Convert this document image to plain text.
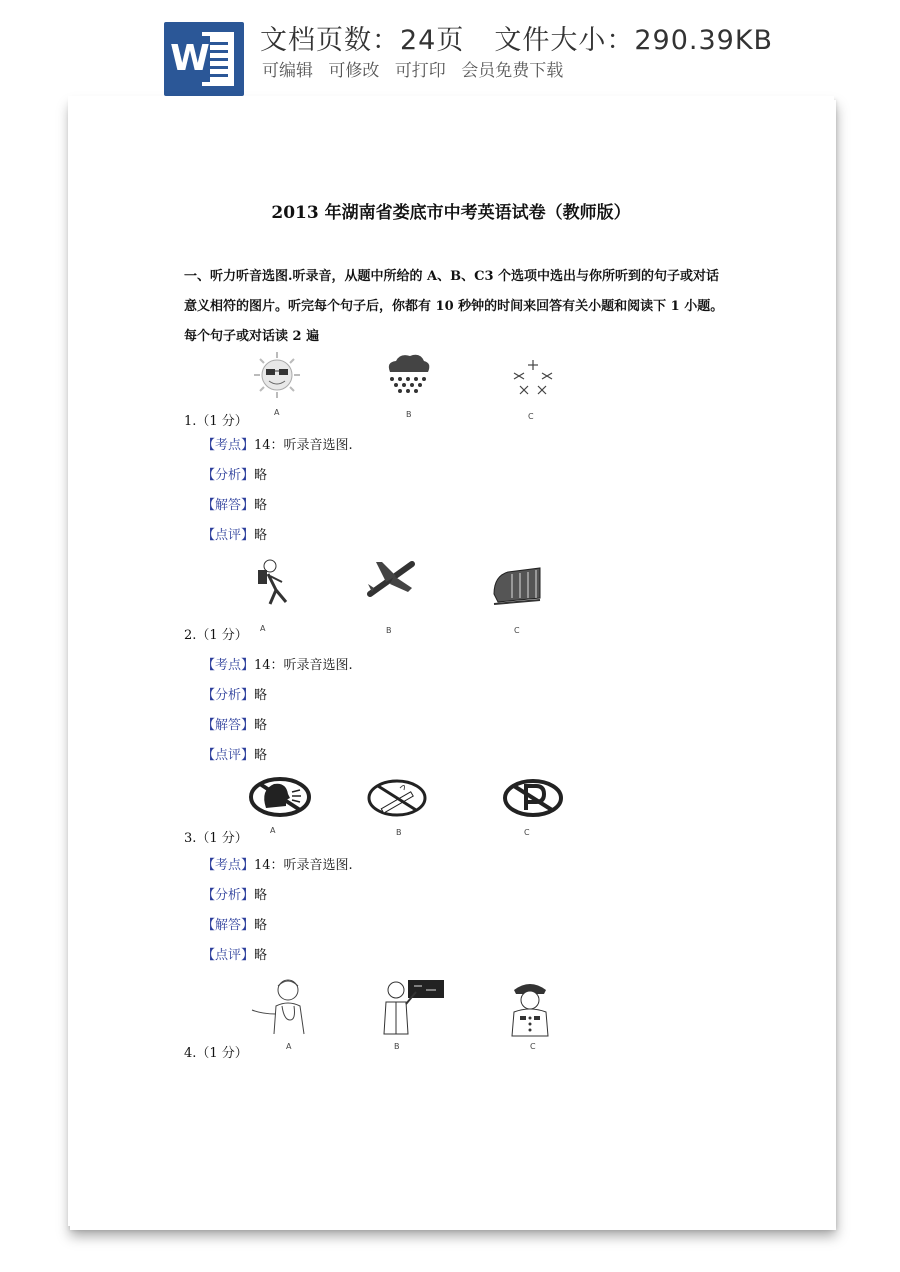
W 文档页数：24页 文件大小：290.39KB
可编辑 可修改 可打印 会员免费下载
2013 年湖南省娄底市中考英语试卷（教师版）
一、听力听音选图.听录音，从题中所给的 A、B、C3 个选项中选出与你所听到的句子或对话意义相符的图片。听完每个句子后，你都有 10 秒钟的时间来回答有关小题和阅读下 1 小题。每个句子或对话读 2 遍
A	B	C
1.（1 分）
【考点】14：听录音选图.
【分析】略
【解答】略
【点评】略
A	B	C
2.（1 分）
【考点】14：听录音选图.
【分析】略
【解答】略
【点评】略
A	B	C
3.（1 分）
【考点】14：听录音选图.
【分析】略
【解答】略
【点评】略
A	B	C
4.（1 分）
